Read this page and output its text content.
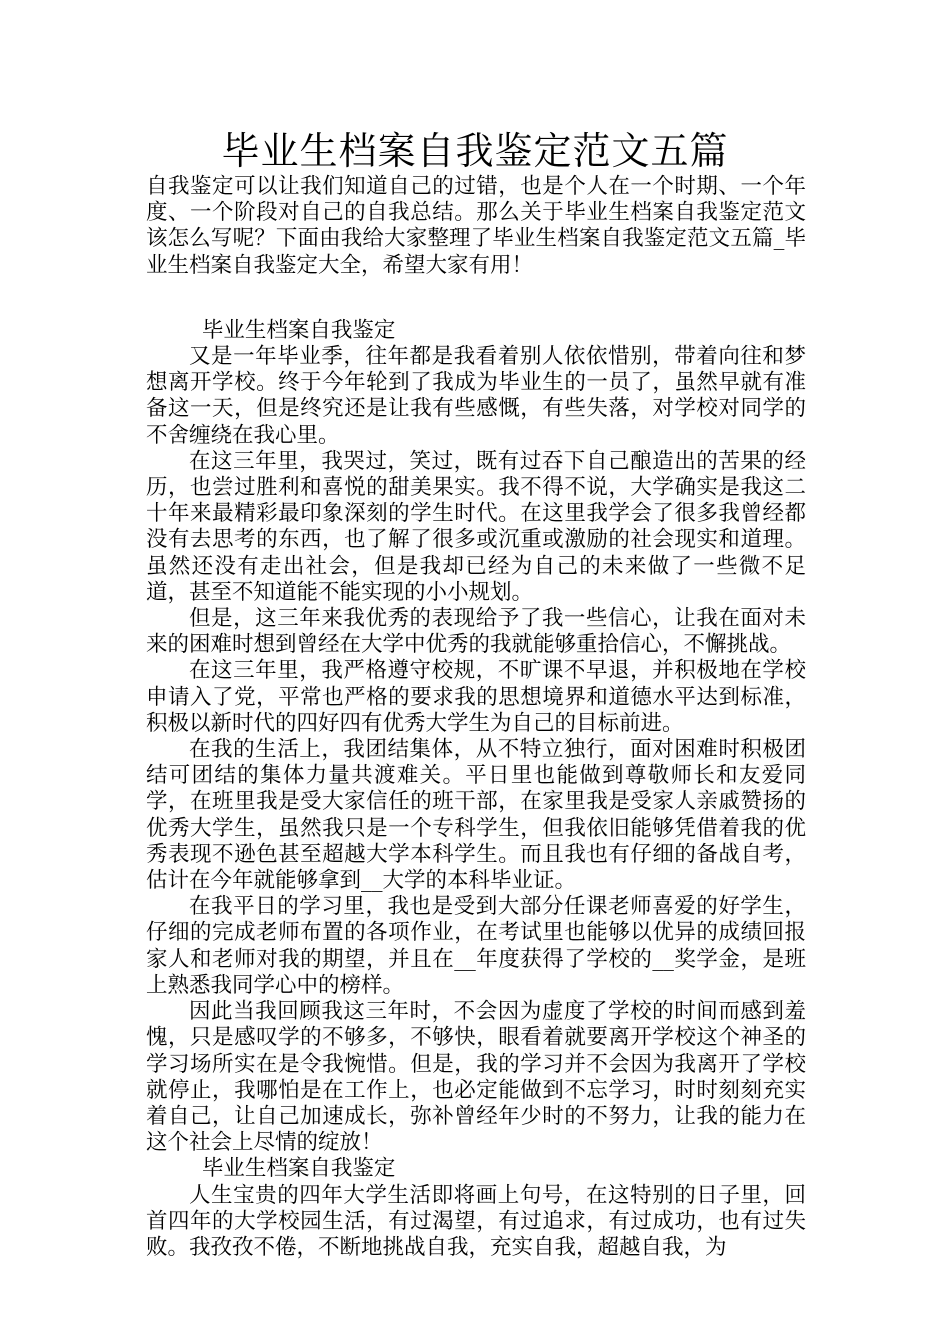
毕业生档案自我鉴定范文五篇

自我鉴定可以让我们知道自己的过错，也是个人在一个时期、一个年度、一个阶段对自己的自我总结。那么关于毕业生档案自我鉴定范文该怎么写呢？下面由我给大家整理了毕业生档案自我鉴定范文五篇_毕业生档案自我鉴定大全，希望大家有用！

毕业生档案自我鉴定

又是一年毕业季，往年都是我看着别人依依惜别，带着向往和梦想离开学校。终于今年轮到了我成为毕业生的一员了，虽然早就有准备这一天，但是终究还是让我有些感慨，有些失落，对学校对同学的不舍缠绕在我心里。

在这三年里，我哭过，笑过，既有过吞下自己酿造出的苦果的经历，也尝过胜利和喜悦的甜美果实。我不得不说，大学确实是我这二十年来最精彩最印象深刻的学生时代。在这里我学会了很多我曾经都没有去思考的东西，也了解了很多或沉重或激励的社会现实和道理。虽然还没有走出社会，但是我却已经为自己的未来做了一些微不足道，甚至不知道能不能实现的小小规划。

但是，这三年来我优秀的表现给予了我一些信心，让我在面对未来的困难时想到曾经在大学中优秀的我就能够重拾信心，不懈挑战。

在这三年里，我严格遵守校规，不旷课不早退，并积极地在学校申请入了党，平常也严格的要求我的思想境界和道德水平达到标准，积极以新时代的四好四有优秀大学生为自己的目标前进。

在我的生活上，我团结集体，从不特立独行，面对困难时积极团结可团结的集体力量共渡难关。平日里也能做到尊敬师长和友爱同学，在班里我是受大家信任的班干部，在家里我是受家人亲戚赞扬的优秀大学生，虽然我只是一个专科学生，但我依旧能够凭借着我的优秀表现不逊色甚至超越大学本科学生。而且我也有仔细的备战自考，估计在今年就能够拿到__大学的本科毕业证。

在我平日的学习里，我也是受到大部分任课老师喜爱的好学生，仔细的完成老师布置的各项作业，在考试里也能够以优异的成绩回报家人和老师对我的期望，并且在__年度获得了学校的__奖学金，是班上熟悉我同学心中的榜样。

因此当我回顾我这三年时，不会因为虚度了学校的时间而感到羞愧，只是感叹学的不够多，不够快，眼看着就要离开学校这个神圣的学习场所实在是令我惋惜。但是，我的学习并不会因为我离开了学校就停止，我哪怕是在工作上，也必定能做到不忘学习，时时刻刻充实着自己，让自己加速成长，弥补曾经年少时的不努力，让我的能力在这个社会上尽情的绽放！

毕业生档案自我鉴定

人生宝贵的四年大学生活即将画上句号，在这特别的日子里，回首四年的大学校园生活，有过渴望，有过追求，有过成功，也有过失败。我孜孜不倦，不断地挑战自我，充实自我，超越自我，为
